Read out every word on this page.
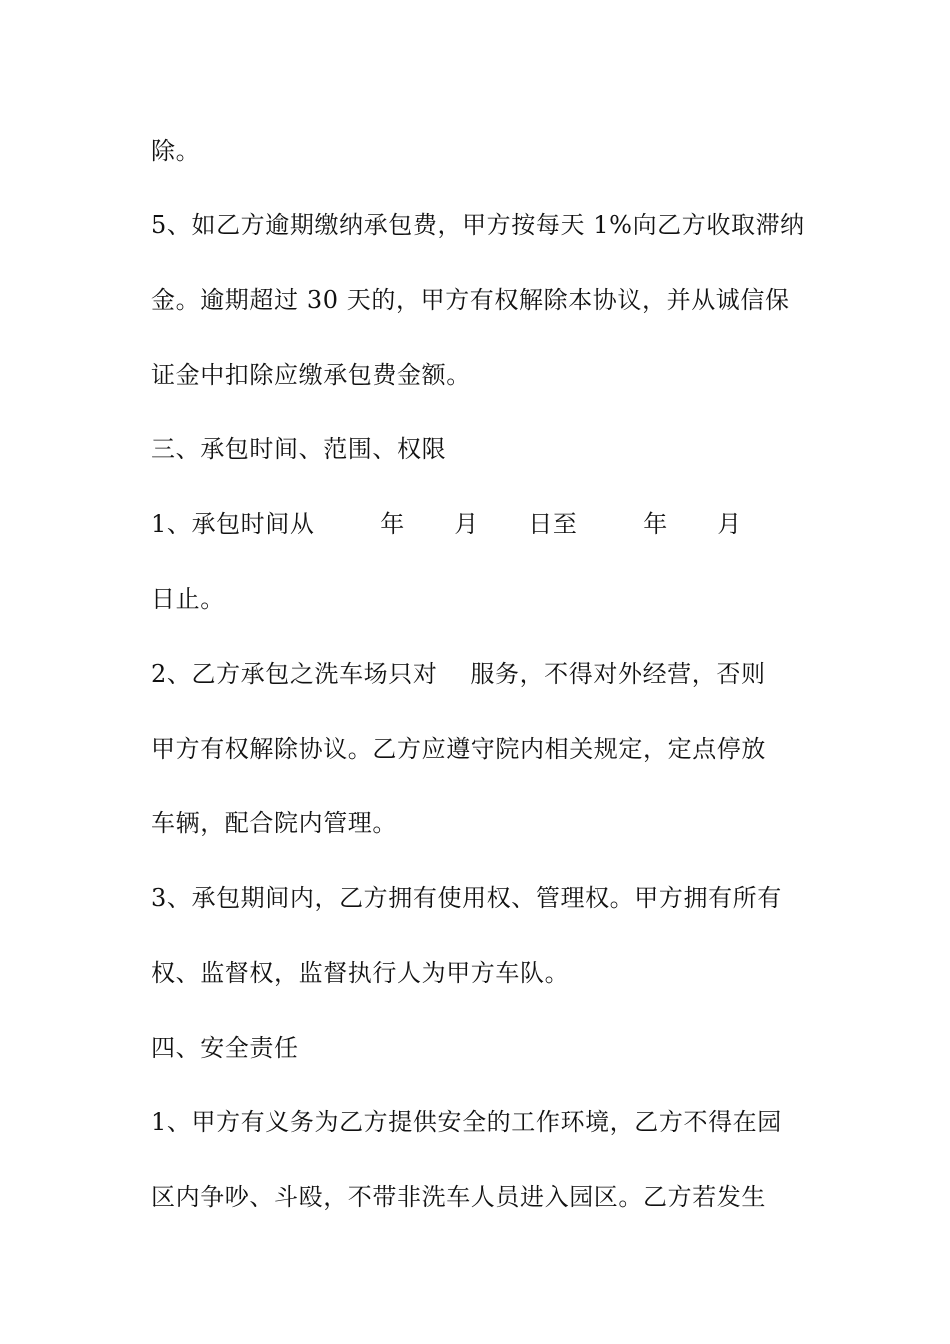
除。
5、如乙方逾期缴纳承包费，甲方按每天 1%向乙方收取滞纳
金。逾期超过 30 天的，甲方有权解除本协议，并从诚信保
证金中扣除应缴承包费金额。
三、承包时间、范围、权限
1、承包时间从        年      月      日至        年      月
日止。
2、乙方承包之洗车场只对    服务，不得对外经营，否则
甲方有权解除协议。乙方应遵守院内相关规定，定点停放
车辆，配合院内管理。
3、承包期间内，乙方拥有使用权、管理权。甲方拥有所有
权、监督权，监督执行人为甲方车队。
四、安全责任
1、甲方有义务为乙方提供安全的工作环境，乙方不得在园
区内争吵、斗殴，不带非洗车人员进入园区。乙方若发生
